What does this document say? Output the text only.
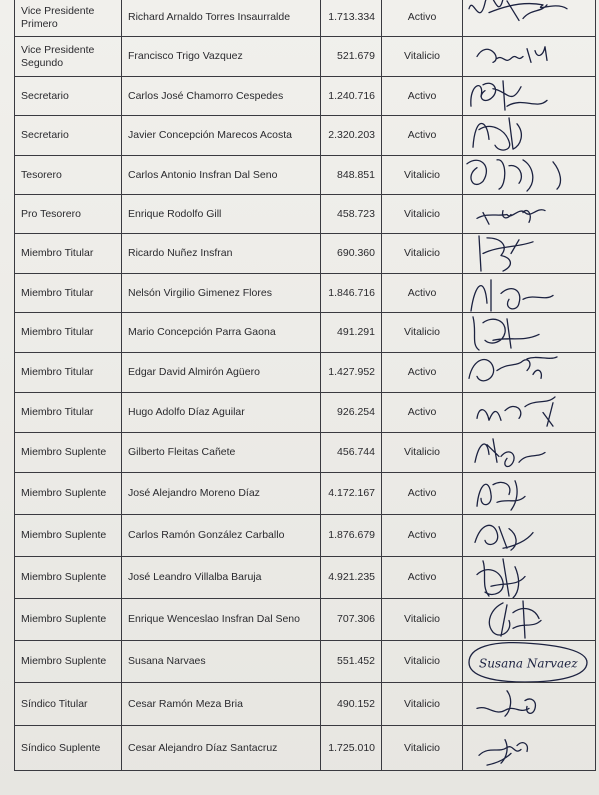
Vice Presidente Primero	Richard Arnaldo Torres Insaurralde	1.713.334	Activo	

Vice Presidente Segundo	Francisco Trigo Vazquez	521.679	Vitalicio	

Secretario	Carlos José Chamorro Cespedes	1.240.716	Activo	

Secretario	Javier Concepción Marecos Acosta	2.320.203	Activo	

Tesorero	Carlos Antonio Insfran Dal Seno	848.851	Vitalicio	

Pro Tesorero	Enrique Rodolfo Gill	458.723	Vitalicio	

Miembro Titular	Ricardo Nuñez Insfran	690.360	Vitalicio	

Miembro Titular	Nelsón Virgilio Gimenez Flores	1.846.716	Activo	

Miembro Titular	Mario Concepción Parra Gaona	491.291	Vitalicio	

Miembro Titular	Edgar David Almirón Agüero	1.427.952	Activo	

Miembro Titular	Hugo Adolfo Díaz Aguilar	926.254	Activo	

Miembro Suplente	Gilberto Fleitas Cañete	456.744	Vitalicio	

Miembro Suplente	José Alejandro Moreno Díaz	4.172.167	Activo	

Miembro Suplente	Carlos Ramón González Carballo	1.876.679	Activo	

Miembro Suplente	José Leandro Villalba Baruja	4.921.235	Activo	

Miembro Suplente	Enrique Wenceslao Insfran Dal Seno	707.306	Vitalicio	

Miembro Suplente	Susana Narvaes	551.452	Vitalicio	Susana Narvaez

Síndico Titular	Cesar Ramón Meza Bria	490.152	Vitalicio	

Síndico Suplente	Cesar Alejandro Díaz Santacruz	1.725.010	Vitalicio	
